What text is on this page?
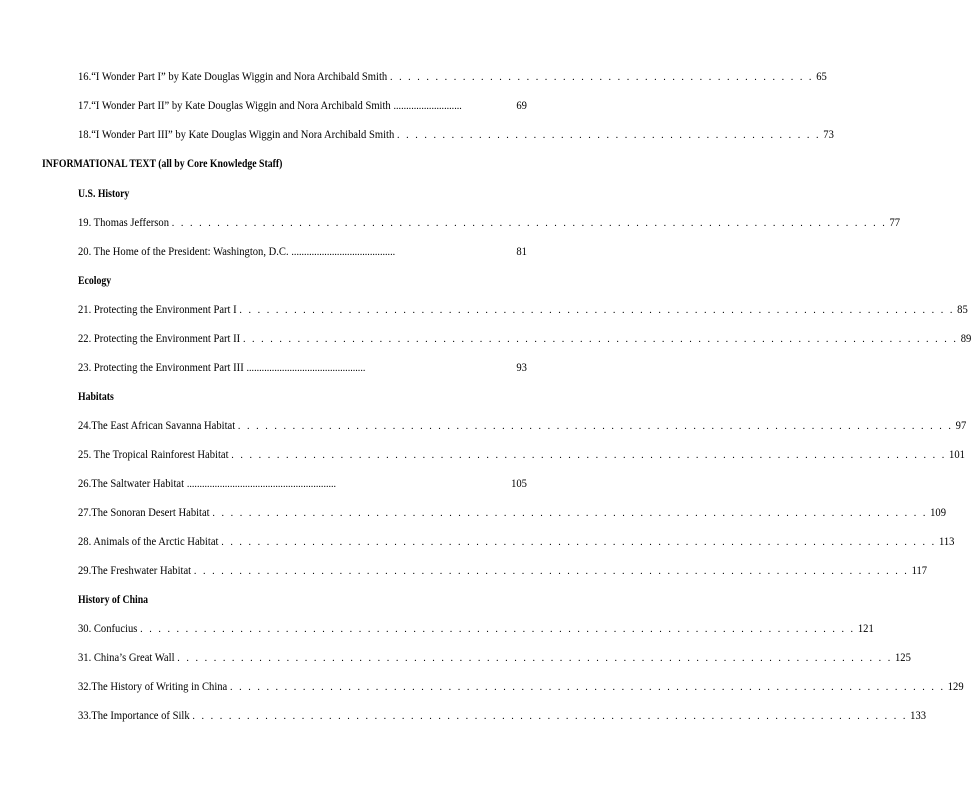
16.“I Wonder Part I” by Kate Douglas Wiggin and Nora Archibald Smith . . . . . . . . . . . . . . . . . . . . . . . . . . . . . . . . . . . . . . . . . . . . . . . 65
17.“I Wonder Part II” by Kate Douglas Wiggin and Nora Archibald Smith ...........................	69
18.“I Wonder Part III” by Kate Douglas Wiggin and Nora Archibald Smith . . . . . . . . . . . . . . . . . . . . . . . . . . . . . . . . . . . . . . . . . . . . . . . 73
INFORMATIONAL TEXT (all by Core Knowledge Staff)
U.S. History
19. Thomas Jefferson . . . . . . . . . . . . . . . . . . . . . . . . . . . . . . . . . . . . . . . . . . . . . . . . . . . . . . . . . . . . . . . . . . . . . . . . . . . . . . . 77
20. The Home of the President: Washington, D.C. .........................................	81
Ecology
21. Protecting the Environment Part I . . . . . . . . . . . . . . . . . . . . . . . . . . . . . . . . . . . . . . . . . . . . . . . . . . . . . . . . . . . . . . . . . . . . . . . . . . . . . . . 85
22. Protecting the Environment Part II . . . . . . . . . . . . . . . . . . . . . . . . . . . . . . . . . . . . . . . . . . . . . . . . . . . . . . . . . . . . . . . . . . . . . . . . . . . . . . . 89
23. Protecting the Environment Part III ...............................................	93
Habitats
24.The East African Savanna Habitat . . . . . . . . . . . . . . . . . . . . . . . . . . . . . . . . . . . . . . . . . . . . . . . . . . . . . . . . . . . . . . . . . . . . . . . . . . . . . . . 97
25. The Tropical Rainforest Habitat . . . . . . . . . . . . . . . . . . . . . . . . . . . . . . . . . . . . . . . . . . . . . . . . . . . . . . . . . . . . . . . . . . . . . . . . . . . . . . . 101
26.The Saltwater Habitat ...........................................................	105
27.The Sonoran Desert Habitat . . . . . . . . . . . . . . . . . . . . . . . . . . . . . . . . . . . . . . . . . . . . . . . . . . . . . . . . . . . . . . . . . . . . . . . . . . . . . . . 109
28. Animals of the Arctic Habitat . . . . . . . . . . . . . . . . . . . . . . . . . . . . . . . . . . . . . . . . . . . . . . . . . . . . . . . . . . . . . . . . . . . . . . . . . . . . . . . 113
29.The Freshwater Habitat . . . . . . . . . . . . . . . . . . . . . . . . . . . . . . . . . . . . . . . . . . . . . . . . . . . . . . . . . . . . . . . . . . . . . . . . . . . . . . . 117
History of China
30. Confucius . . . . . . . . . . . . . . . . . . . . . . . . . . . . . . . . . . . . . . . . . . . . . . . . . . . . . . . . . . . . . . . . . . . . . . . . . . . . . . . 121
31. China’s Great Wall . . . . . . . . . . . . . . . . . . . . . . . . . . . . . . . . . . . . . . . . . . . . . . . . . . . . . . . . . . . . . . . . . . . . . . . . . . . . . . . 125
32.The History of Writing in China . . . . . . . . . . . . . . . . . . . . . . . . . . . . . . . . . . . . . . . . . . . . . . . . . . . . . . . . . . . . . . . . . . . . . . . . . . . . . . . 129
33.The Importance of Silk . . . . . . . . . . . . . . . . . . . . . . . . . . . . . . . . . . . . . . . . . . . . . . . . . . . . . . . . . . . . . . . . . . . . . . . . . . . . . . . 133
